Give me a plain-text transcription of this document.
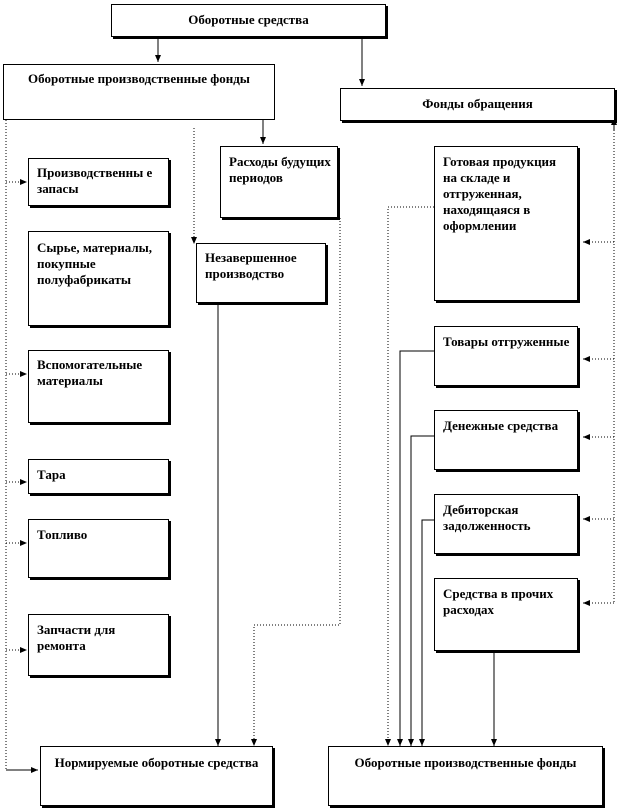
Оборотные средства
Оборотные производственные фонды
Фонды обращения
Производственны е запасы
Сырье, материалы, покупные полуфабрикаты
Вспомогательные материалы
Тара
Топливо
Запчасти для ремонта
Расходы будущих периодов
Незавершенное производство
Готовая продукция на складе и отгруженная, находящаяся в оформлении
Товары отгруженные
Денежные средства
Дебиторская задолженность
Средства в прочих расходах
Нормируемые оборотные средства	Оборотные производственные фонды
